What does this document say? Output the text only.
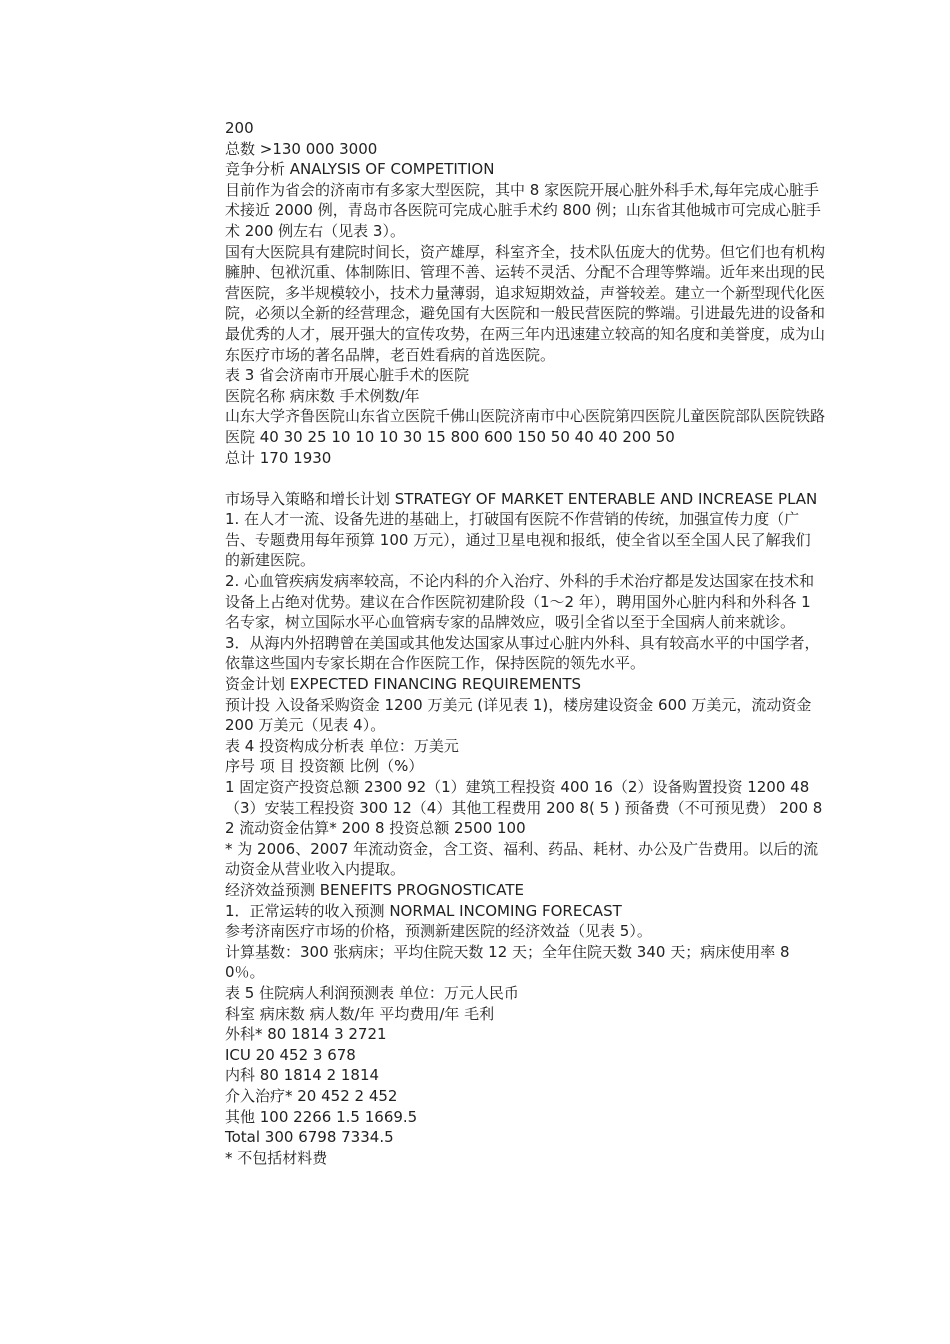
200

总数 >130 000 3000

竞争分析 ANALYSIS OF COMPETITION

目前作为省会的济南市有多家大型医院，其中 8 家医院开展心脏外科手术,每年完成心脏手术接近 2000 例，青岛市各医院可完成心脏手术约 800 例；山东省其他城市可完成心脏手术 200 例左右（见表 3）。

国有大医院具有建院时间长，资产雄厚，科室齐全，技术队伍庞大的优势。但它们也有机构臃肿、包袱沉重、体制陈旧、管理不善、运转不灵活、分配不合理等弊端。近年来出现的民营医院，多半规模较小，技术力量薄弱，追求短期效益，声誉较差。建立一个新型现代化医院，必须以全新的经营理念，避免国有大医院和一般民营医院的弊端。引进最先进的设备和最优秀的人才，展开强大的宣传攻势，在两三年内迅速建立较高的知名度和美誉度，成为山东医疗市场的著名品牌，老百姓看病的首选医院。

表 3 省会济南市开展心脏手术的医院

医院名称 病床数 手术例数/年

山东大学齐鲁医院山东省立医院千佛山医院济南市中心医院第四医院儿童医院部队医院铁路医院 40 30 25 10 10 10 30 15 800 600 150 50 40 40 200 50

总计 170 1930

市场导入策略和增长计划 STRATEGY OF MARKET ENTERABLE AND INCREASE PLAN

1. 在人才一流、设备先进的基础上，打破国有医院不作营销的传统，加强宣传力度（广告、专题费用每年预算 100 万元），通过卫星电视和报纸，使全省以至全国人民了解我们的新建医院。

2. 心血管疾病发病率较高，不论内科的介入治疗、外科的手术治疗都是发达国家在技术和设备上占绝对优势。建议在合作医院初建阶段（1～2 年），聘用国外心脏内科和外科各 1 名专家，树立国际水平心血管病专家的品牌效应，吸引全省以至于全国病人前来就诊。

3．从海内外招聘曾在美国或其他发达国家从事过心脏内外科、具有较高水平的中国学者，依靠这些国内专家长期在合作医院工作，保持医院的领先水平。

资金计划 EXPECTED FINANCING REQUIREMENTS

预计投 入设备采购资金 1200 万美元 (详见表 1)，楼房建设资金 600 万美元，流动资金 200 万美元（见表 4）。

表 4 投资构成分析表 单位：万美元

序号 项 目 投资额 比例（%）

1 固定资产投资总额 2300 92（1）建筑工程投资 400 16（2）设备购置投资 1200 48（3）安装工程投资 300 12（4）其他工程费用 200 8( 5 ) 预备费（不可预见费） 200 82 流动资金估算* 200 8 投资总额 2500 100

* 为 2006、2007 年流动资金，含工资、福利、药品、耗材、办公及广告费用。以后的流动资金从营业收入内提取。

经济效益预测 BENEFITS PROGNOSTICATE

1．正常运转的收入预测 NORMAL INCOMING FORECAST

参考济南医疗市场的价格，预测新建医院的经济效益（见表 5）。

计算基数：300 张病床；平均住院天数 12 天；全年住院天数 340 天；病床使用率 80％。

表 5 住院病人利润预测表 单位：万元人民币

科室 病床数 病人数/年 平均费用/年 毛利

外科* 80 1814 3 2721

ICU 20 452 3 678

内科 80 1814 2 1814

介入治疗* 20 452 2 452

其他 100 2266 1.5 1669.5

Total 300 6798 7334.5

* 不包括材料费
